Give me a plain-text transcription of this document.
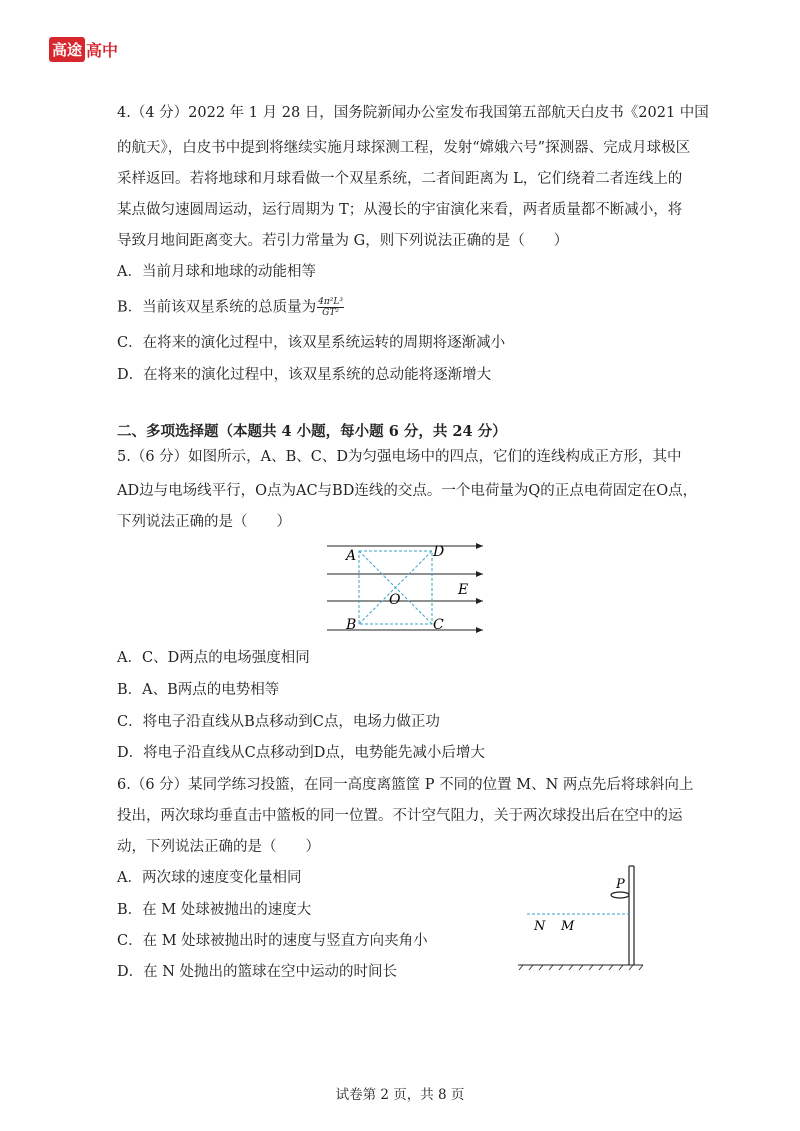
高途 高中
4.（4 分）2022 年 1 月 28 日，国务院新闻办公室发布我国第五部航天白皮书《2021 中国
的航天》，白皮书中提到将继续实施月球探测工程，发射“嫦娥六号”探测器、完成月球极区
采样返回。若将地球和月球看做一个双星系统，二者间距离为 L，它们绕着二者连线上的
某点做匀速圆周运动，运行周期为 T；从漫长的宇宙演化来看，两者质量都不断减小，将
导致月地间距离变大。若引力常量为 G，则下列说法正确的是（　　）
A．当前月球和地球的动能相等
B．当前该双星系统的总质量为 $\frac{\text{4π²L³}}{\text{GT²}}$
C．在将来的演化过程中，该双星系统运转的周期将逐渐减小
D．在将来的演化过程中，该双星系统的总动能将逐渐增大
二、多项选择题（本题共 4 小题，每小题 6 分，共 24 分）
5.（6 分）如图所示，A、B、C、D为匀强电场中的四点，它们的连线构成正方形，其中
AD边与电场线平行，O点为AC与BD连线的交点。一个电荷量为Q的正点电荷固定在O点，
下列说法正确的是（　　）
A	D
O
E
B	C
A．C、D两点的电场强度相同
B．A、B两点的电势相等
C．将电子沿直线从B点移动到C点，电场力做正功
D．将电子沿直线从C点移动到D点，电势能先减小后增大
6.（6 分）某同学练习投篮，在同一高度离篮筐 P 不同的位置 M、N 两点先后将球斜向上
投出，两次球均垂直击中篮板的同一位置。不计空气阻力，关于两次球投出后在空中的运
动，下列说法正确的是（　　）
A．两次球的速度变化量相同
B．在 M 处球被抛出的速度大
C．在 M 处球被抛出时的速度与竖直方向夹角小
D．在 N 处抛出的篮球在空中运动的时间长
P
N M
试卷第 2 页，共 8 页
